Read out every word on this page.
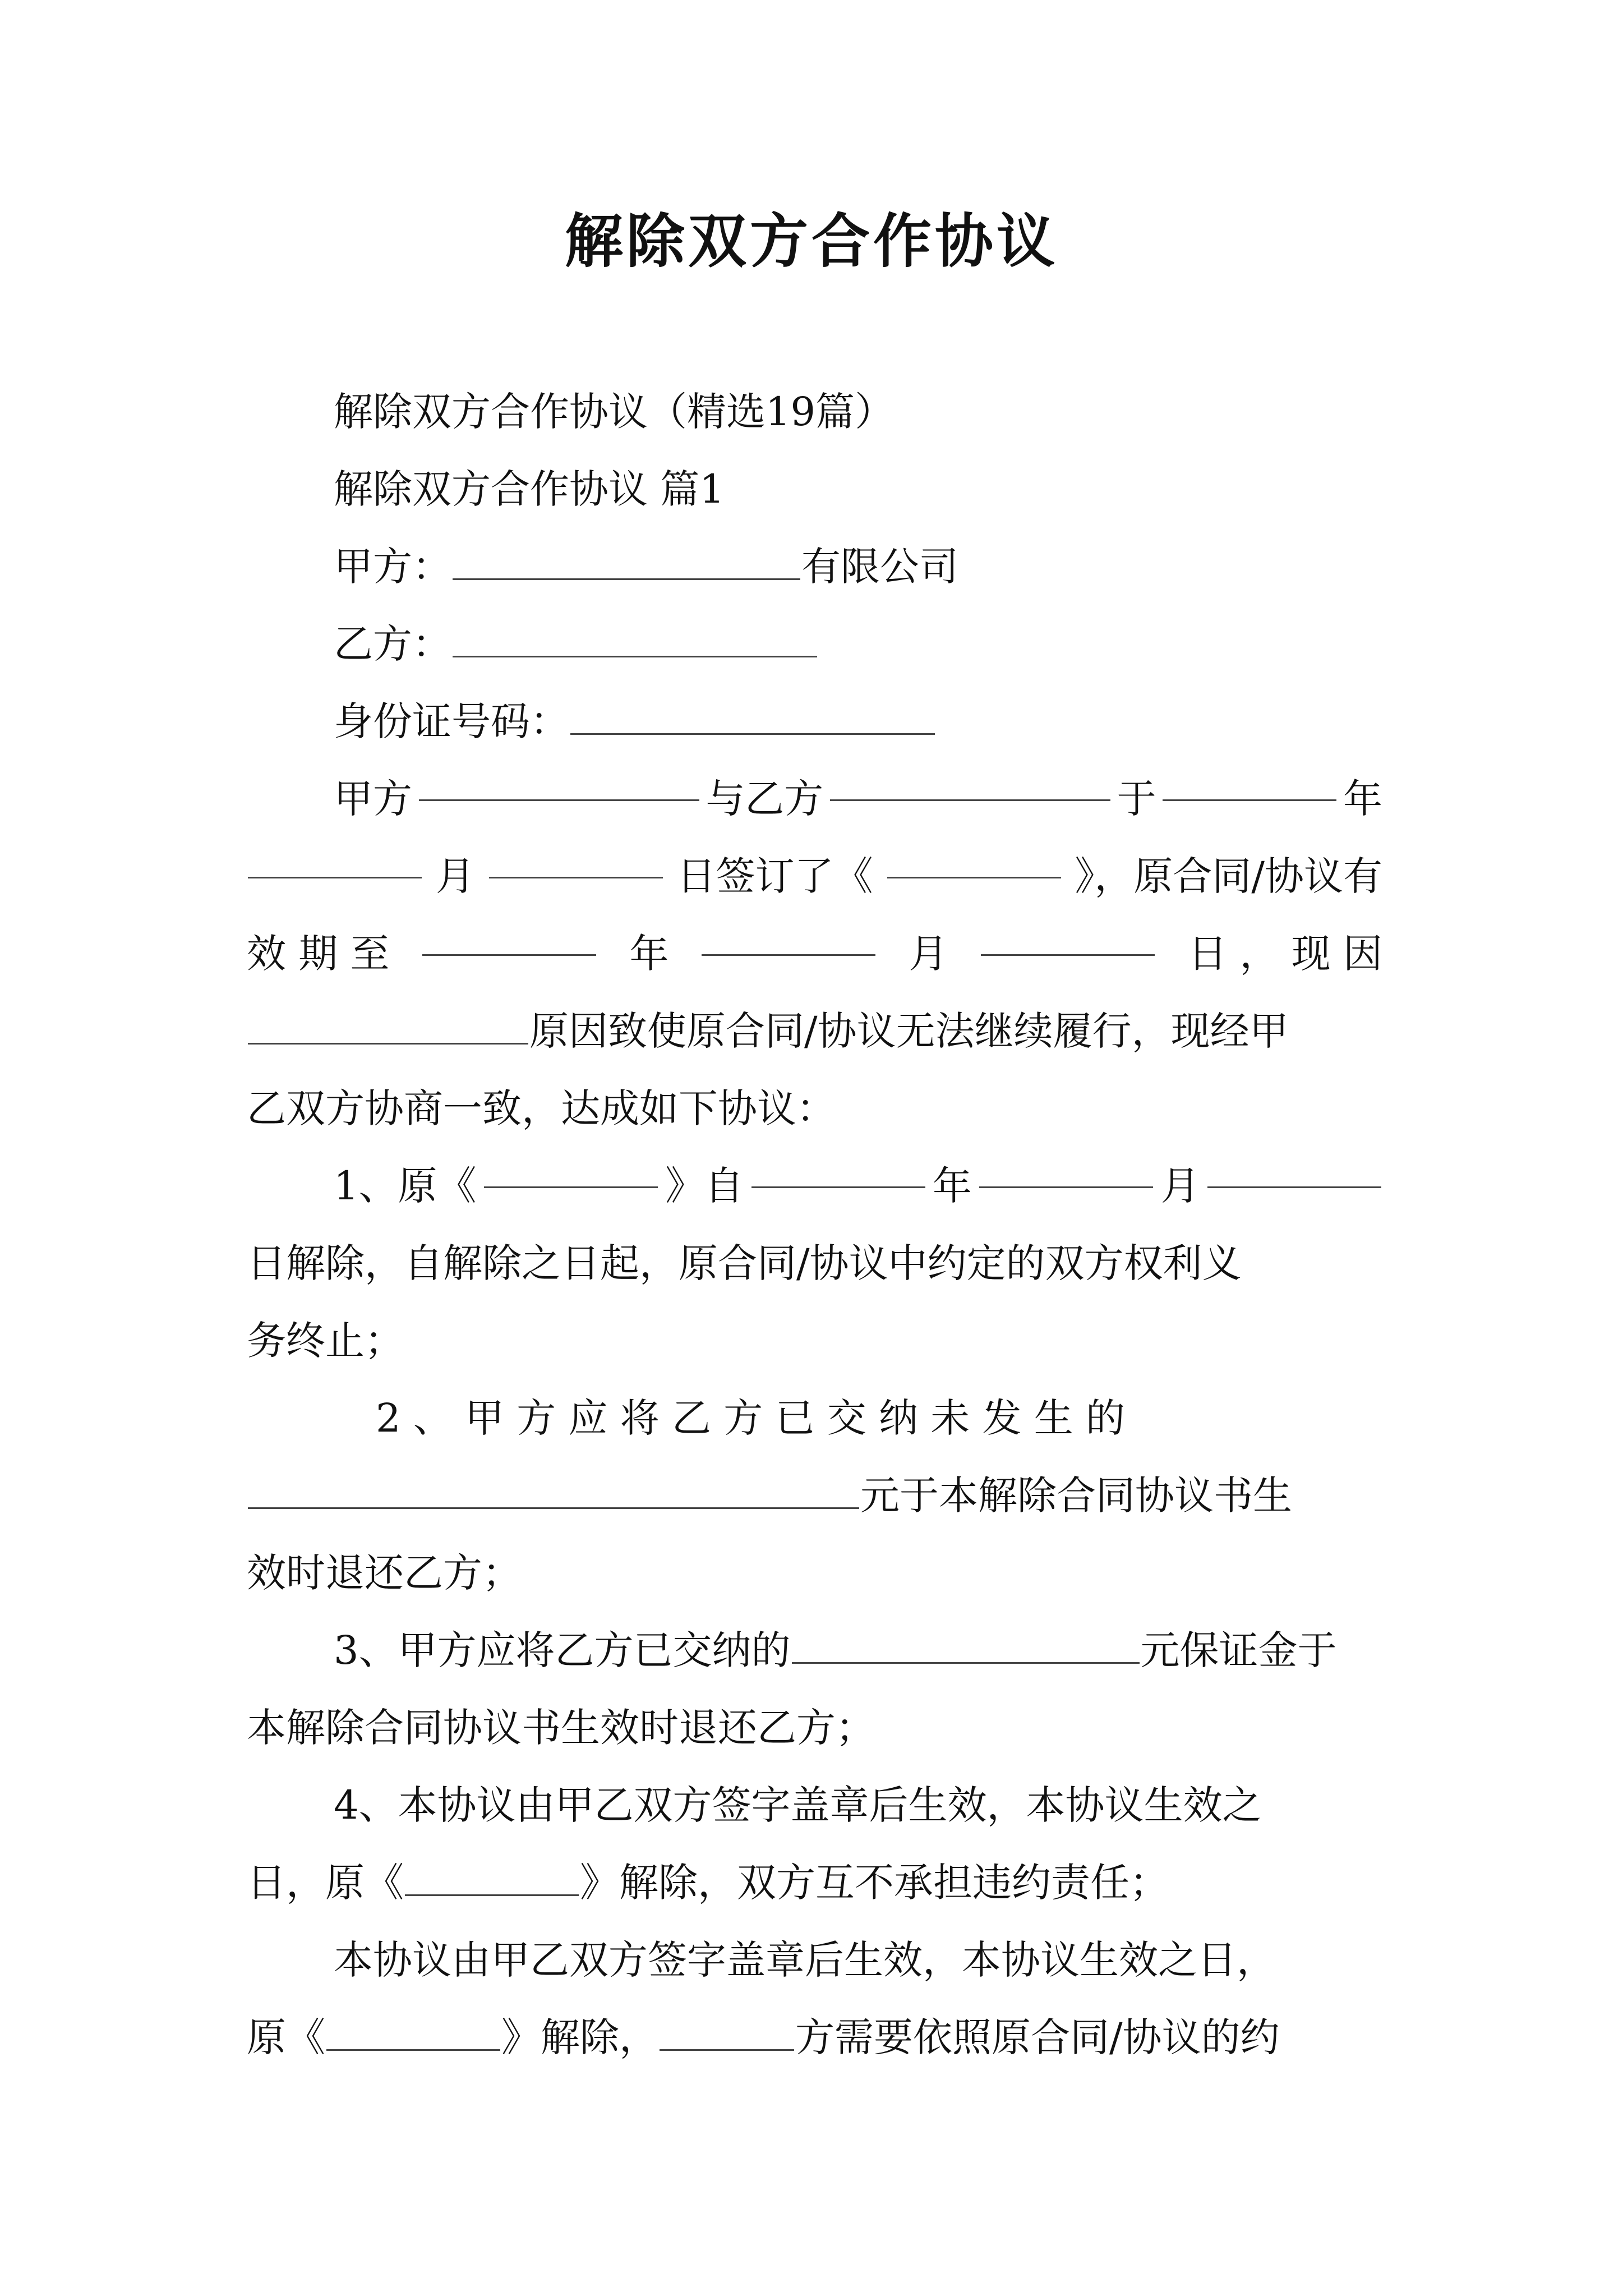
解除双方合作协议
解除双方合作协议（精选19篇）
解除双方合作协议 篇1
甲方：	有限公司
乙方：
身份证号码：
甲方	与乙方	于	年
月	日签订了《	》，原合同/协议有
效 期 至	年	月	日 ， 现 因
原因致使原合同/协议无法继续履行，现经甲
乙双方协商一致，达成如下协议：
1、原《	》自	年	月
日解除，自解除之日起，原合同/协议中约定的双方权利义
务终止；
2 、 甲 方 应 将 乙 方 已 交 纳 未 发 生 的
元于本解除合同协议书生
效时退还乙方；
3、甲方应将乙方已交纳的	元保证金于
本解除合同协议书生效时退还乙方；
4、本协议由甲乙双方签字盖章后生效，本协议生效之
日，原《	》解除，双方互不承担违约责任；
本协议由甲乙双方签字盖章后生效，本协议生效之日，
原《	》解除，	方需要依照原合同/协议的约
